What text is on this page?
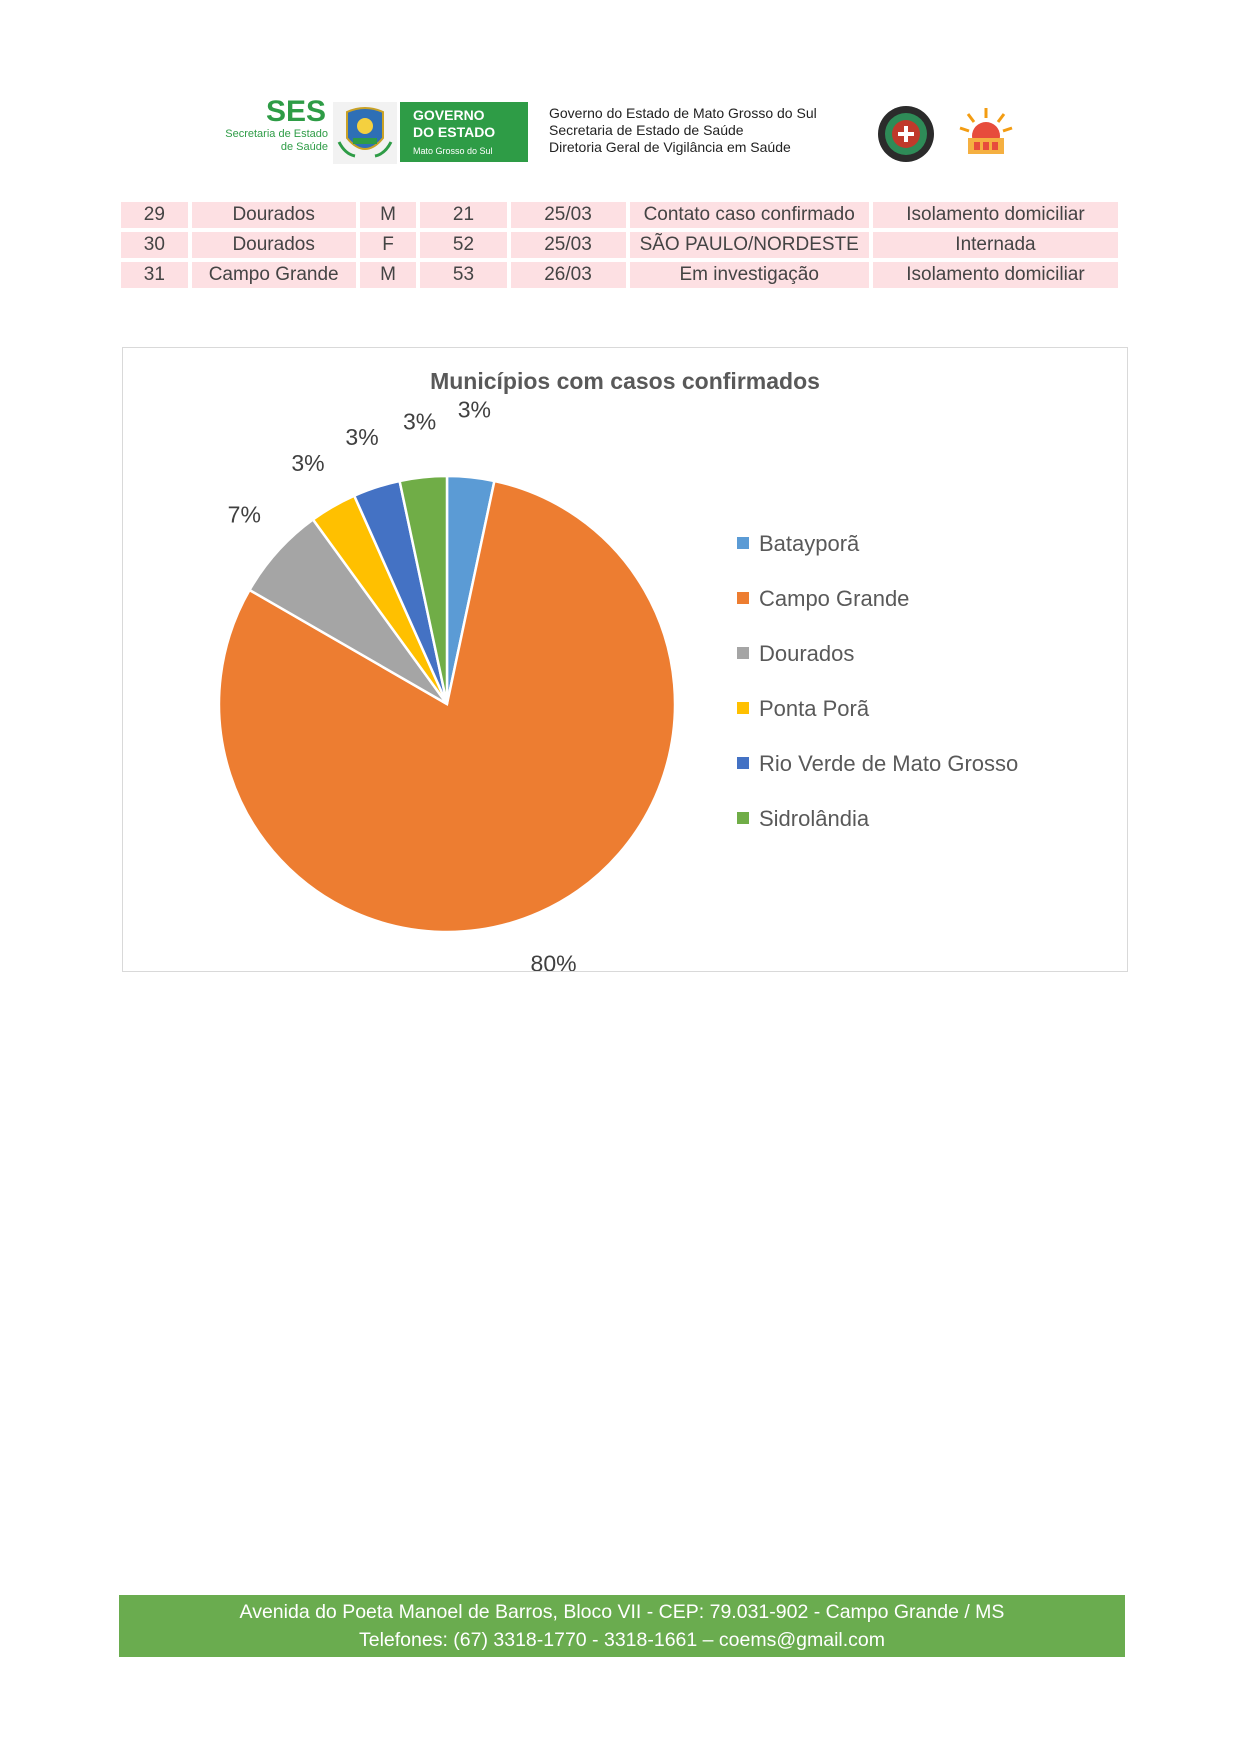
SES
Secretaria de Estado
de Saúde
GOVERNO
DO ESTADO
Mato Grosso do Sul
Governo do Estado de Mato Grosso do Sul
Secretaria de Estado de Saúde
Diretoria Geral de Vigilância em Saúde
29	Dourados	M	21	25/03	Contato caso confirmado	Isolamento domiciliar
30	Dourados	F	52	25/03	SÃO PAULO/NORDESTE	Internada
31	Campo Grande	M	53	26/03	Em investigação	Isolamento domiciliar
Municípios com casos confirmados
3%
80%
7%
3%
3%
3%
Batayporã
Campo Grande
Dourados
Ponta Porã
Rio Verde de Mato Grosso
Sidrolândia
Avenida do Poeta Manoel de Barros, Bloco VII - CEP: 79.031-902 - Campo Grande / MS
Telefones: (67) 3318-1770 - 3318-1661 – coems@gmail.com
